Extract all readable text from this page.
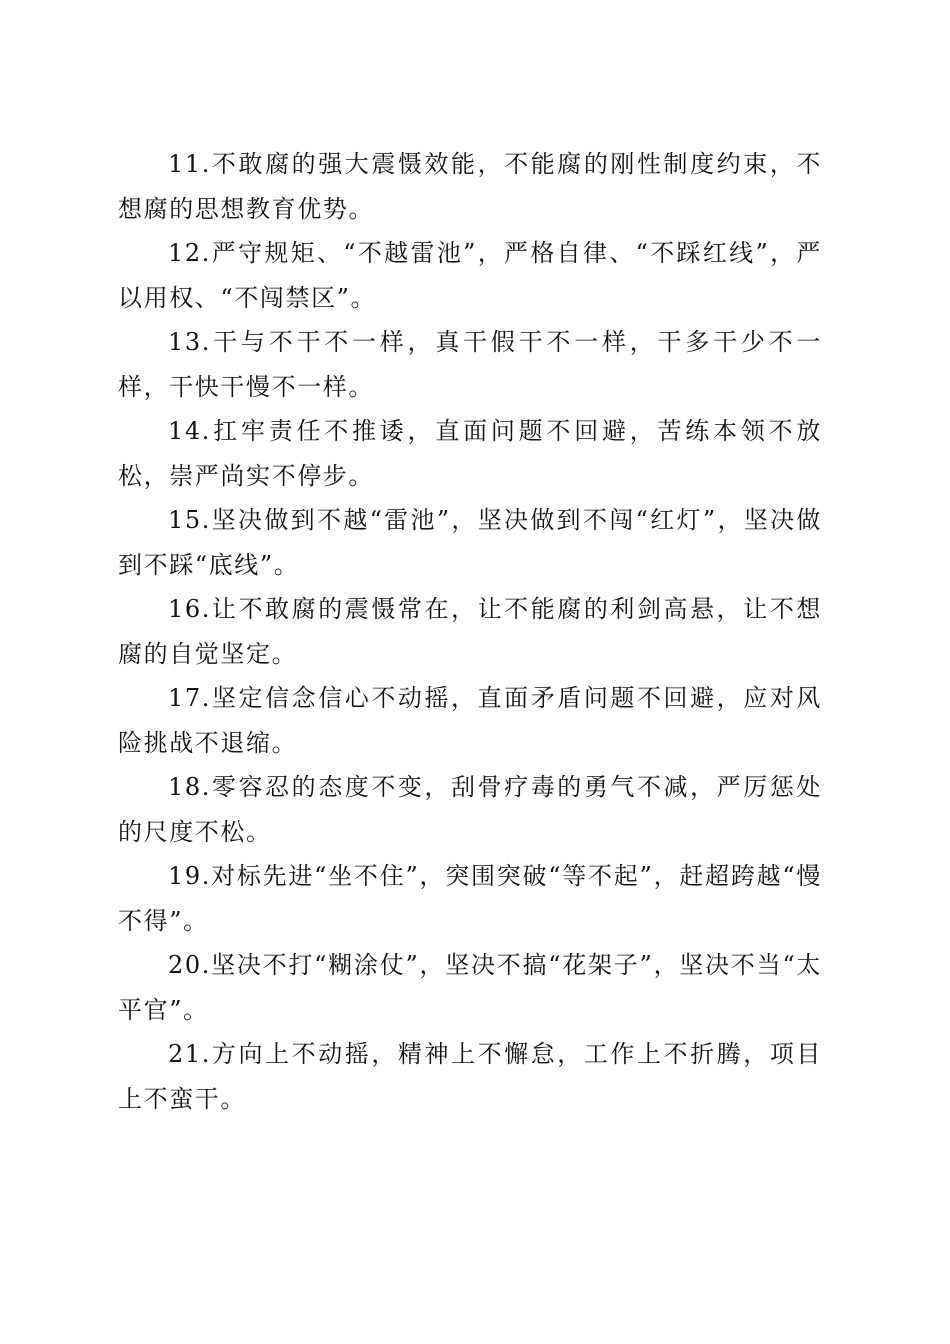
11.不敢腐的强大震慑效能，不能腐的刚性制度约束，不想腐的思想教育优势。

12.严守规矩、“不越雷池”，严格自律、“不踩红线”，严以用权、“不闯禁区”。

13.干与不干不一样，真干假干不一样，干多干少不一样，干快干慢不一样。

14.扛牢责任不推诿，直面问题不回避，苦练本领不放松，崇严尚实不停步。

15.坚决做到不越“雷池”，坚决做到不闯“红灯”，坚决做到不踩“底线”。

16.让不敢腐的震慑常在，让不能腐的利剑高悬，让不想腐的自觉坚定。

17.坚定信念信心不动摇，直面矛盾问题不回避，应对风险挑战不退缩。

18.零容忍的态度不变，刮骨疗毒的勇气不减，严厉惩处的尺度不松。

19.对标先进“坐不住”，突围突破“等不起”，赶超跨越“慢不得”。

20.坚决不打“糊涂仗”，坚决不搞“花架子”，坚决不当“太平官”。

21.方向上不动摇，精神上不懈怠，工作上不折腾，项目上不蛮干。
